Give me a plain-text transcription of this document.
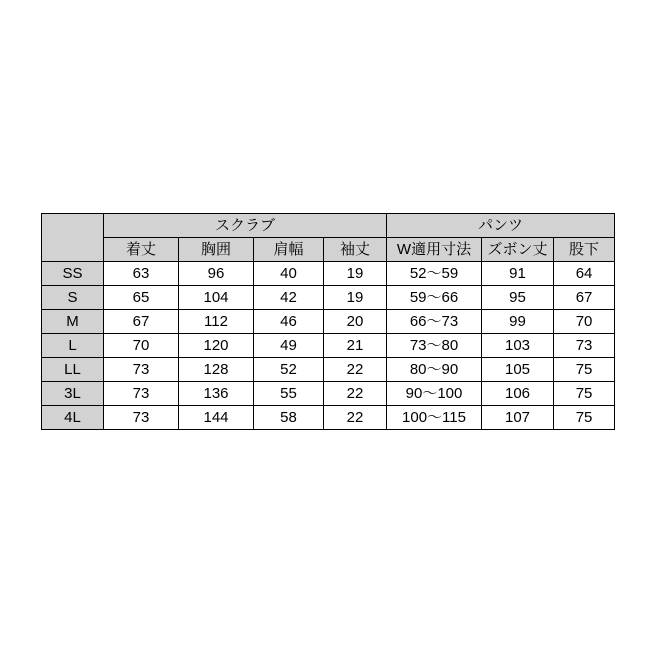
	スクラブ				パンツ		
	着丈	胸囲	肩幅	袖丈	W適用寸法	ズボン丈	股下
SS	63	96	40	19	52〜59	91	64
S	65	104	42	19	59〜66	95	67
M	67	112	46	20	66〜73	99	70
L	70	120	49	21	73〜80	103	73
LL	73	128	52	22	80〜90	105	75
3L	73	136	55	22	90〜100	106	75
4L	73	144	58	22	100〜115	107	75
